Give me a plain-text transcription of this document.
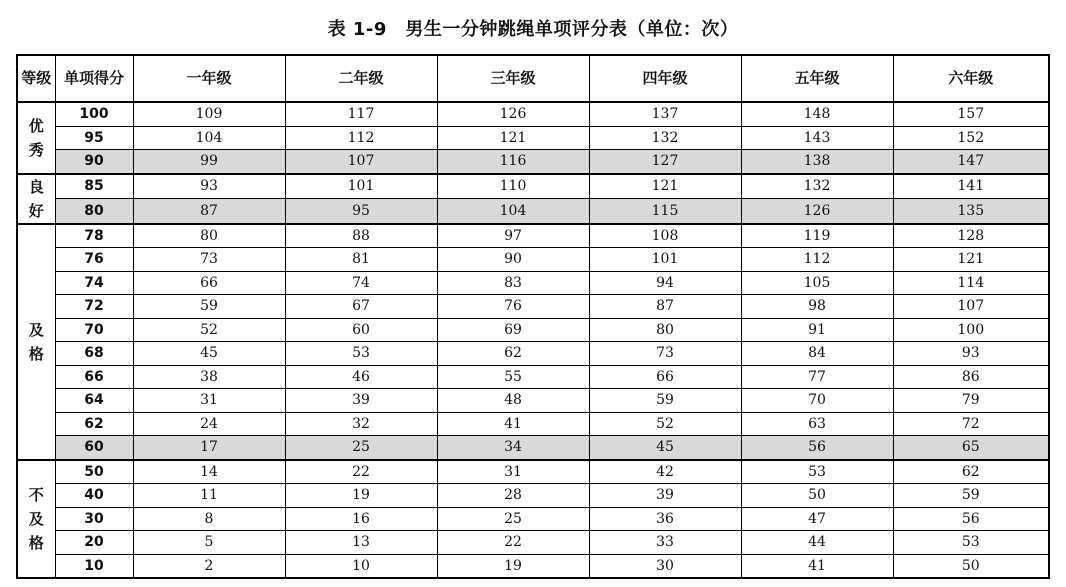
表 1-9　男生一分钟跳绳单项评分表（单位：次）
等级	单项得分	一年级	二年级	三年级	四年级	五年级	六年级

优
秀	100	109	117	126	137	148	157
	95	104	112	121	132	143	152
	90	99	107	116	127	138	147

良
好	85	93	101	110	121	132	141
	80	87	95	104	115	126	135

及
格	78	80	88	97	108	119	128
	76	73	81	90	101	112	121
	74	66	74	83	94	105	114
	72	59	67	76	87	98	107
	70	52	60	69	80	91	100
	68	45	53	62	73	84	93
	66	38	46	55	66	77	86
	64	31	39	48	59	70	79
	62	24	32	41	52	63	72
	60	17	25	34	45	56	65

不
及
格	50	14	22	31	42	53	62
	40	11	19	28	39	50	59
	30	8	16	25	36	47	56
	20	5	13	22	33	44	53
	10	2	10	19	30	41	50
